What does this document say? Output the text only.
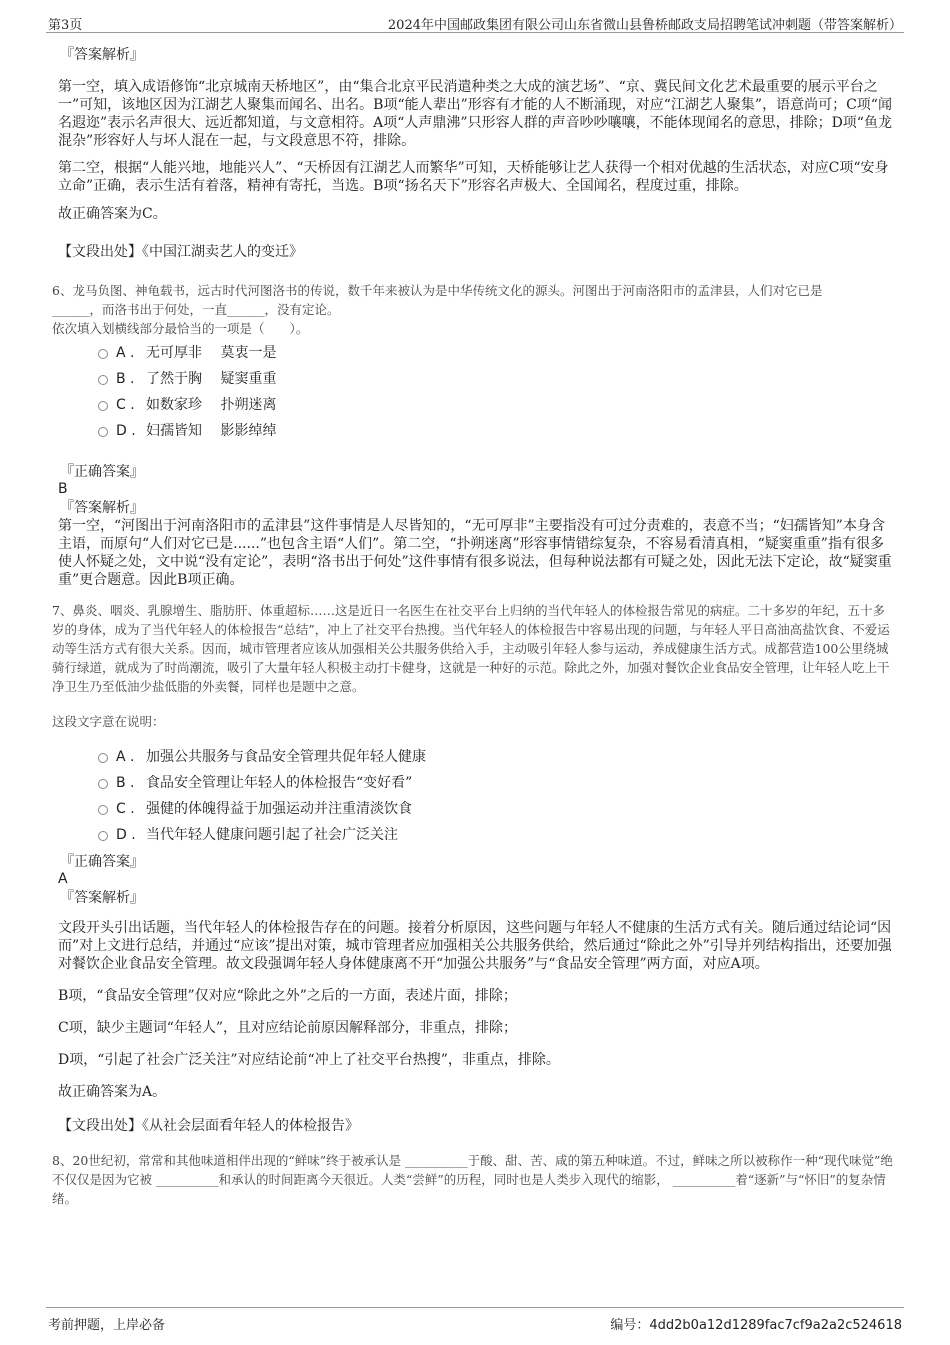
第3页	2024年中国邮政集团有限公司山东省微山县鲁桥邮政支局招聘笔试冲刺题（带答案解析）

『答案解析』

第一空，填入成语修饰“北京城南天桥地区”，由“集合北京平民消遣种类之大成的演艺场”、“京、冀民间文化艺术最重要的展示平台之一”可知，该地区因为江湖艺人聚集而闻名、出名。B项“能人辈出”形容有才能的人不断涌现，对应“江湖艺人聚集”，语意尚可；C项“闻名遐迩”表示名声很大、远近都知道，与文意相符。A项“人声鼎沸”只形容人群的声音吵吵嚷嚷，不能体现闻名的意思，排除；D项“鱼龙混杂”形容好人与坏人混在一起，与文段意思不符，排除。

第二空，根据“人能兴地，地能兴人”、“天桥因有江湖艺人而繁华”可知，天桥能够让艺人获得一个相对优越的生活状态，对应C项“安身立命”正确，表示生活有着落，精神有寄托，当选。B项“扬名天下”形容名声极大、全国闻名，程度过重，排除。

故正确答案为C。

【文段出处】《中国江湖卖艺人的变迁》

6、龙马负图、神龟载书，远古时代河图洛书的传说，数千年来被认为是中华传统文化的源头。河图出于河南洛阳市的孟津县，人们对它已是

______，而洛书出于何处，一直______，没有定论。

依次填入划横线部分最恰当的一项是（　　）。

A . 无可厚非　 莫衷一是
B . 了然于胸　 疑窦重重
C . 如数家珍　 扑朔迷离
D . 妇孺皆知　 影影绰绰

『正确答案』

B

『答案解析』

第一空，“河图出于河南洛阳市的孟津县”这件事情是人尽皆知的，“无可厚非”主要指没有可过分责难的，表意不当；“妇孺皆知”本身含主语，而原句“人们对它已是......”也包含主语“人们”。第二空，“扑朔迷离”形容事情错综复杂，不容易看清真相，“疑窦重重”指有很多使人怀疑之处，文中说“没有定论”，表明“洛书出于何处”这件事情有很多说法，但每种说法都有可疑之处，因此无法下定论，故“疑窦重重”更合题意。因此B项正确。

7、鼻炎、咽炎、乳腺增生、脂肪肝、体重超标……这是近日一名医生在社交平台上归纳的当代年轻人的体检报告常见的病症。二十多岁的年纪，五十多岁的身体，成为了当代年轻人的体检报告“总结”，冲上了社交平台热搜。当代年轻人的体检报告中容易出现的问题，与年轻人平日高油高盐饮食、不爱运动等生活方式有很大关系。因而，城市管理者应该从加强相关公共服务供给入手，主动吸引年轻人参与运动，养成健康生活方式。成都营造100公里绕城骑行绿道，就成为了时尚潮流，吸引了大量年轻人积极主动打卡健身，这就是一种好的示范。除此之外，加强对餐饮企业食品安全管理，让年轻人吃上干净卫生乃至低油少盐低脂的外卖餐，同样也是题中之意。

这段文字意在说明：

A . 加强公共服务与食品安全管理共促年轻人健康
B . 食品安全管理让年轻人的体检报告“变好看”
C . 强健的体魄得益于加强运动并注重清淡饮食
D . 当代年轻人健康问题引起了社会广泛关注

『正确答案』

A

『答案解析』

文段开头引出话题，当代年轻人的体检报告存在的问题。接着分析原因，这些问题与年轻人不健康的生活方式有关。随后通过结论词“因而”对上文进行总结，并通过“应该”提出对策，城市管理者应加强相关公共服务供给，然后通过“除此之外”引导并列结构指出，还要加强对餐饮企业食品安全管理。故文段强调年轻人身体健康离不开“加强公共服务”与“食品安全管理”两方面，对应A项。

B项，“食品安全管理”仅对应“除此之外”之后的一方面，表述片面，排除；

C项，缺少主题词“年轻人”，且对应结论前原因解释部分，非重点，排除；

D项，“引起了社会广泛关注”对应结论前“冲上了社交平台热搜”，非重点，排除。

故正确答案为A。

【文段出处】《从社会层面看年轻人的体检报告》

8、20世纪初，常常和其他味道相伴出现的“鲜味”终于被承认是 __________于酸、甜、苦、咸的第五种味道。不过，鲜味之所以被称作一种“现代味觉”绝不仅仅是因为它被 __________和承认的时间距离今天很近。人类“尝鲜”的历程，同时也是人类步入现代的缩影， __________着“逐新”与“怀旧”的复杂情绪。

考前押题，上岸必备	编号：4dd2b0a12d1289fac7cf9a2a2c524618
